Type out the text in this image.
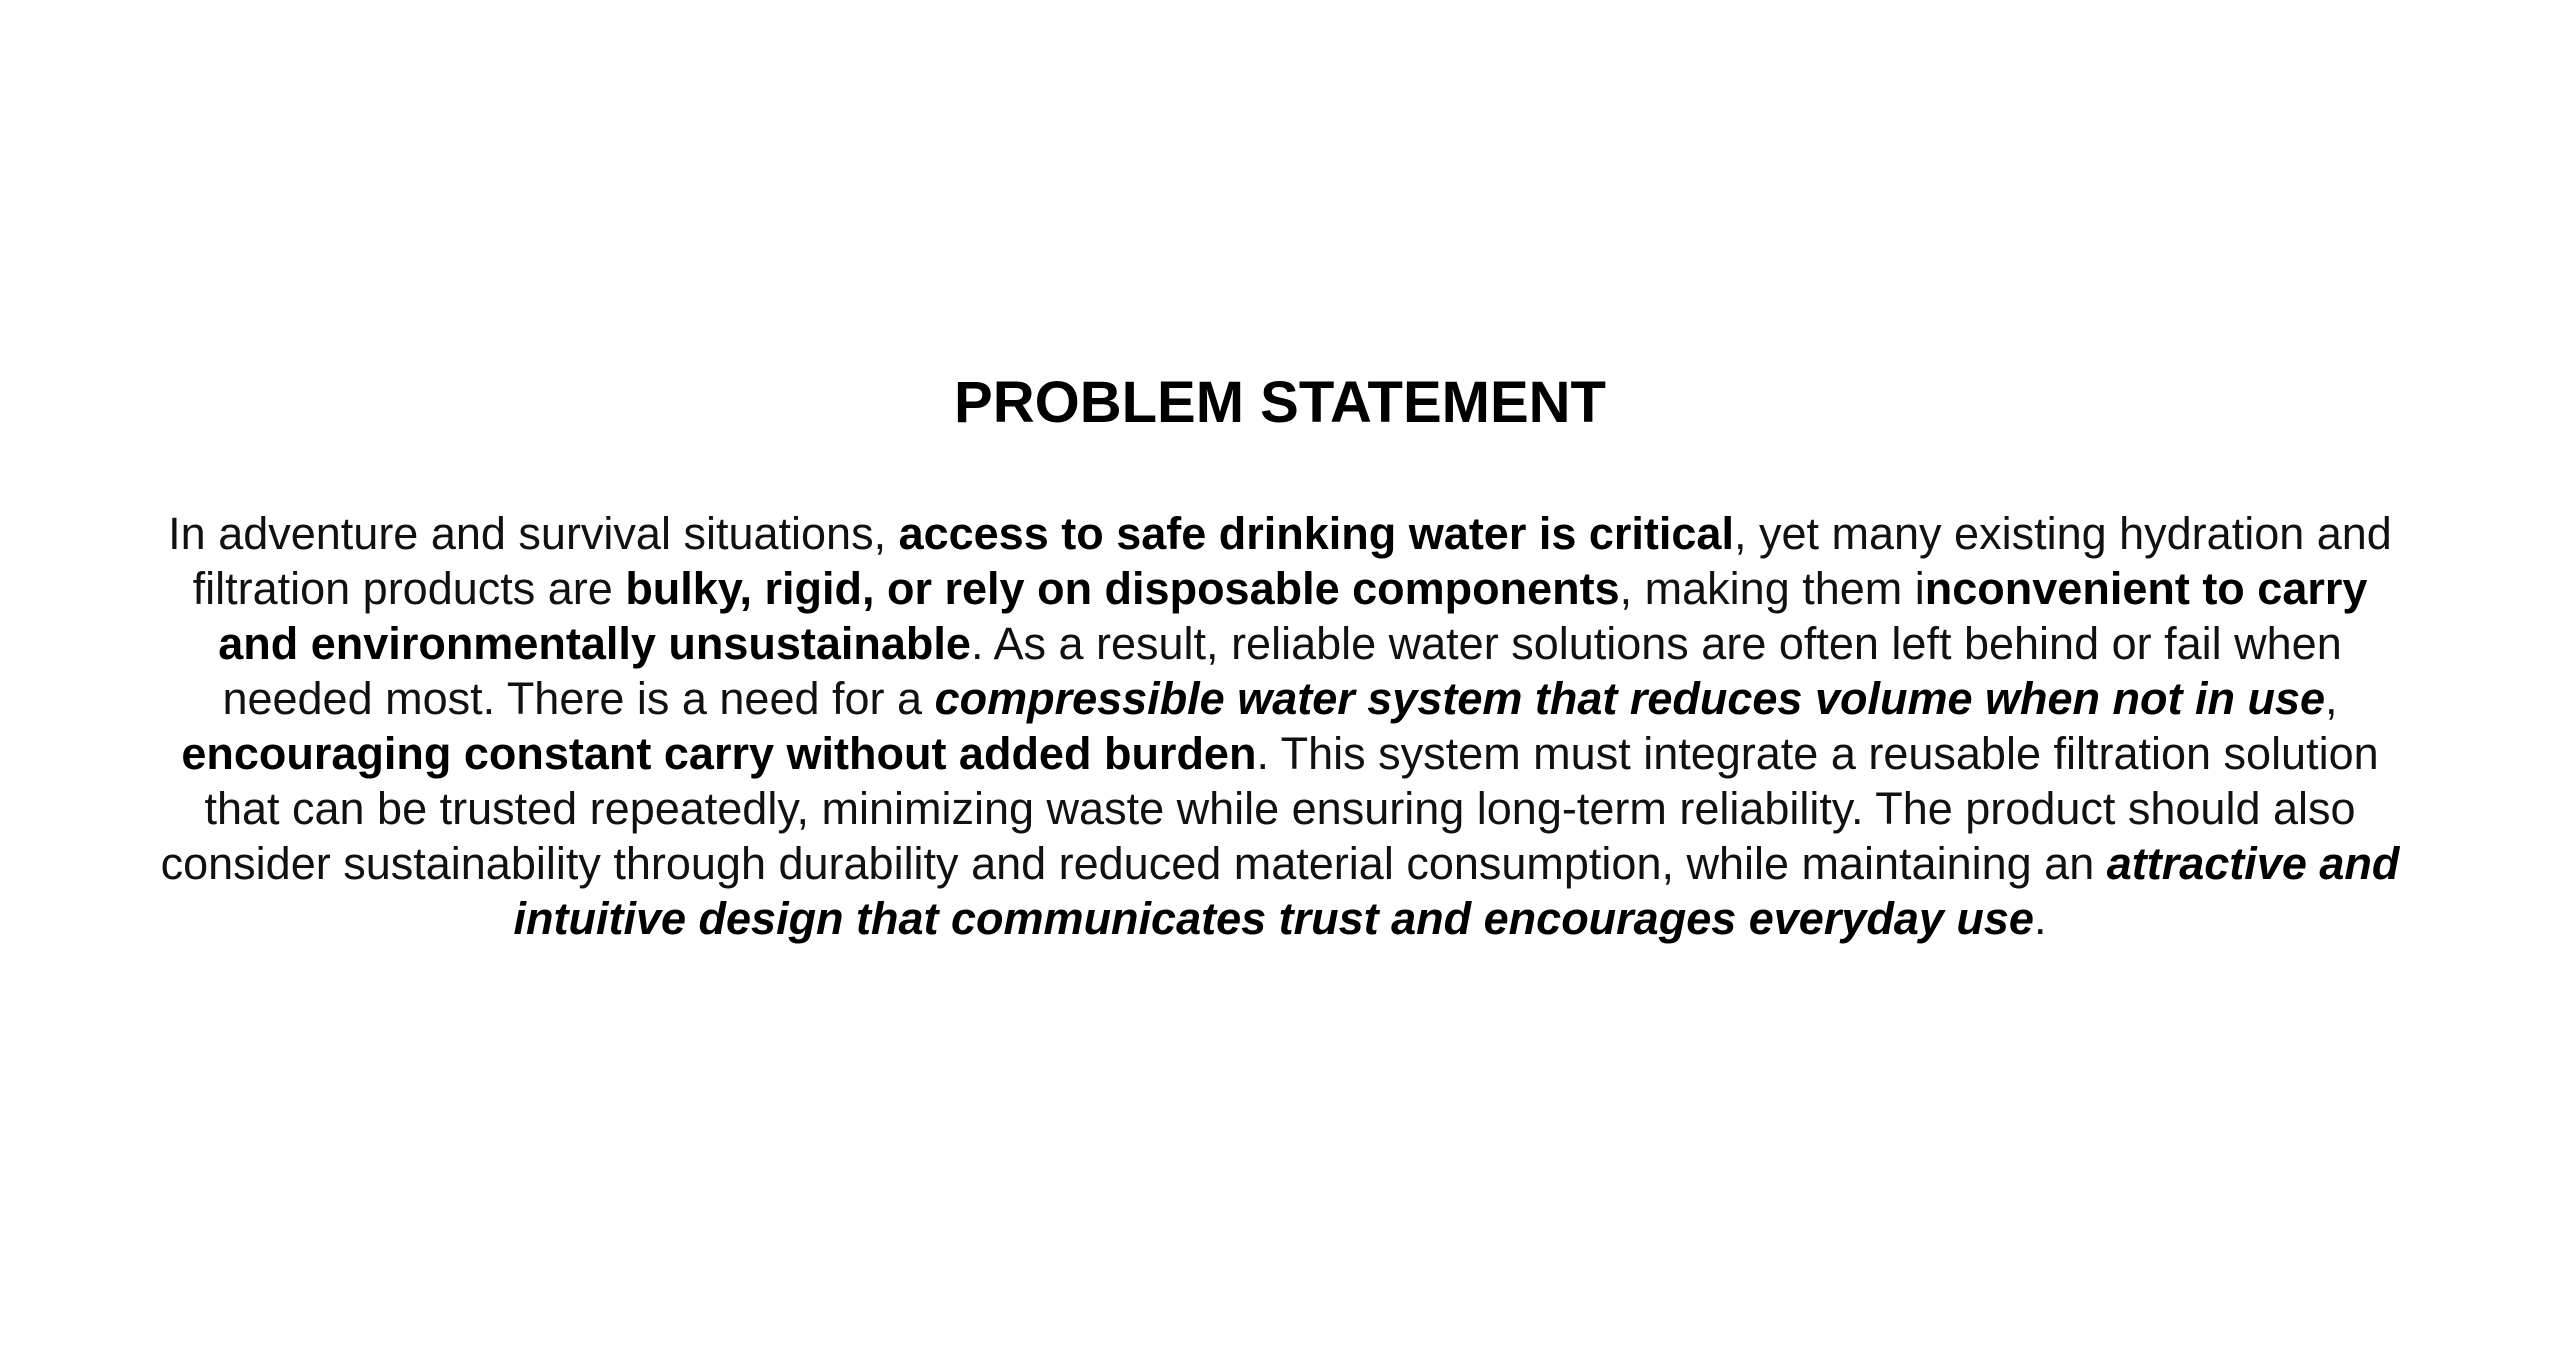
PROBLEM STATEMENT

In adventure and survival situations, access to safe drinking water is critical, yet many existing hydration and filtration products are bulky, rigid, or rely on disposable components, making them inconvenient to carry and environmentally unsustainable. As a result, reliable water solutions are often left behind or fail when needed most. There is a need for a compressible water system that reduces volume when not in use, encouraging constant carry without added burden. This system must integrate a reusable filtration solution that can be trusted repeatedly, minimizing waste while ensuring long-term reliability. The product should also consider sustainability through durability and reduced material consumption, while maintaining an attractive and intuitive design that communicates trust and encourages everyday use.
